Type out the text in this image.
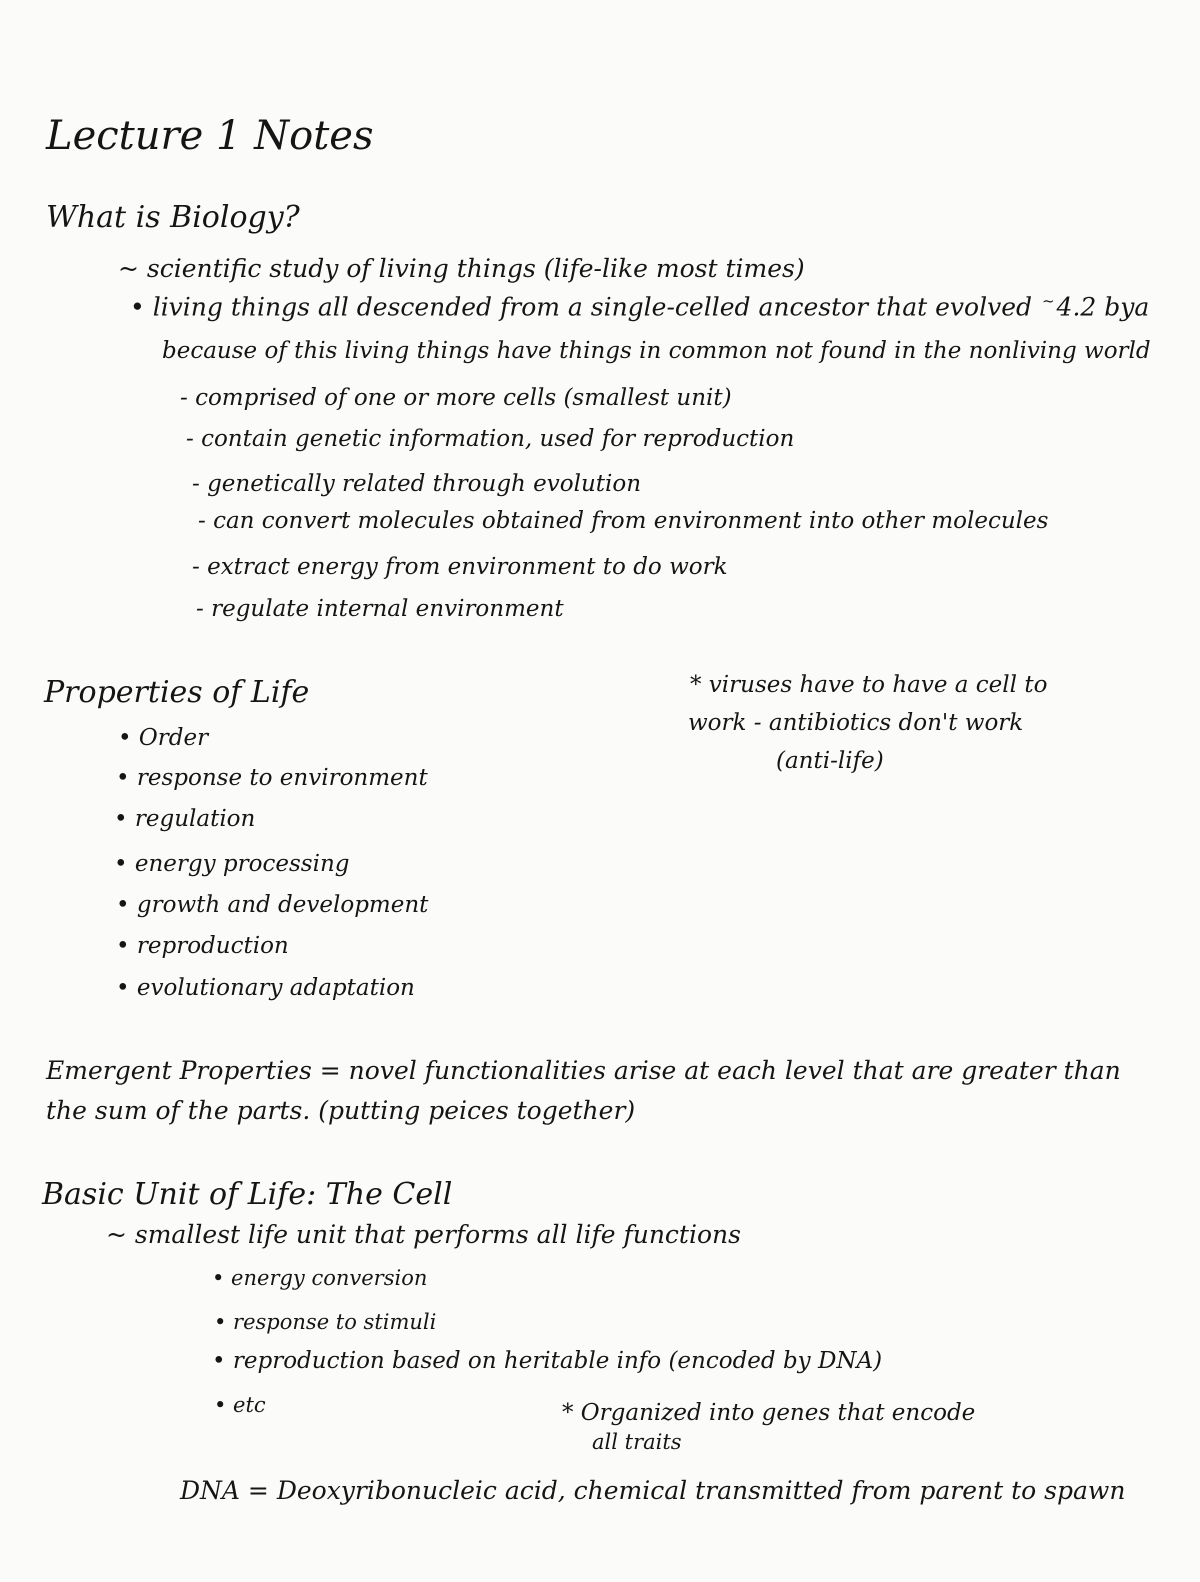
Lecture 1 Notes
What is Biology?
~ scientific study of living things (life-like most times)
• living things all descended from a single-celled ancestor that evolved ~4.2 bya
because of this living things have things in common not found in the nonliving world
- comprised of one or more cells (smallest unit)
- contain genetic information, used for reproduction
- genetically related through evolution
- can convert molecules obtained from environment into other molecules
- extract energy from environment to do work
- regulate internal environment
Properties of Life
• Order
• response to environment
• regulation
• energy processing
• growth and development
• reproduction
• evolutionary adaptation
* viruses have to have a cell to
work - antibiotics don't work
(anti-life)
Emergent Properties = novel functionalities arise at each level that are greater than
the sum of the parts. (putting peices together)
Basic Unit of Life: The Cell
~ smallest life unit that performs all life functions
• energy conversion
• response to stimuli
• reproduction based on heritable info (encoded by DNA)
• etc	* Organized into genes that encode
all traits
DNA = Deoxyribonucleic acid, chemical transmitted from parent to spawn
